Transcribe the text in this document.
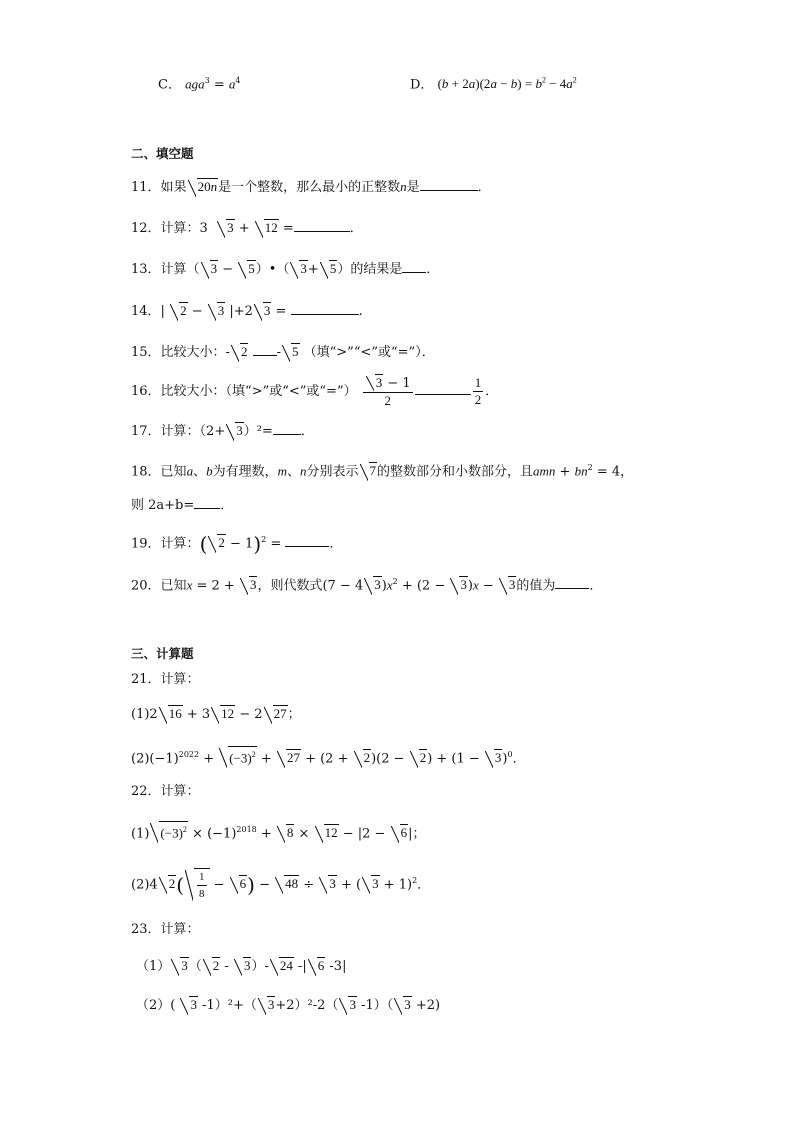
C． $aga^3 = a^4$	D． $(b + 2a)(2a - b) = b^2 - 4a^2$
二、填空题
11．如果 20n是一个整数，那么最小的正整数n是	．
12．计算：3 3 + 12 =	．
13．计算（ 3 − 5）•（ 3+ 5）的结果是 ．
14．| 2 − 3 |+2 3 =	.
15．比较大小：- 2 - 5 （填“>”“<”或“=”）．
16．比较大小：（填“>”或“<”或“=”） $\frac{3 - 1}{2}$	$\frac{1}{2}$ ．
17．计算：（2+ 3）²= ．
18．已知a、b为有理数，m、n分别表示 7的整数部分和小数部分，且amn + $bn^2 = 4$，
则 2a+b= ．
19．计算：( 2 − 1)$^2$ =	．
20．已知x = 2 + 3，则代数式(7 − 4 $3)x^2 + (2 - 3)x - 3$的值为	．
三、计算题
21．计算：
(1)2 16 + 3 12 − 2 27；
$(2)(-1)^{2022} + (-3)^2 + 27 + (2 + 2)(2 - 2) + (1 - 3)^0$．
22．计算：
(1) $(-3)^2 \times (-1)^{2018} + 8 \times 12 - |2 - 6|$；
(2)4 $2( \frac{1}{8} - 6) - 48 \div 3$ + ( 3 + 1)$^2$．
23．计算：
（1） 3（ 2 - 3）- 24 -| 6 -3|
（2）( 3 -1）²+（ 3+2）²-2（ 3 -1）（ 3 +2)
